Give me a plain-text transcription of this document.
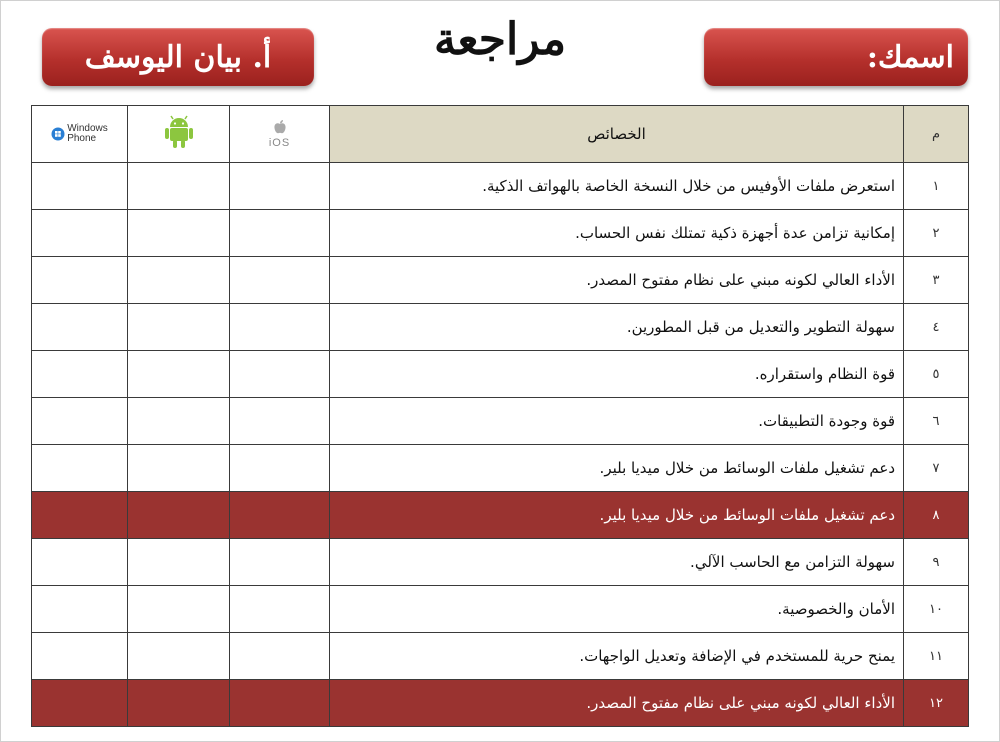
أ. بيان اليوسف	مراجعة	اسمك:
Windows
Phone		iOS	الخصائص	م
			استعرض ملفات الأوفيس من خلال النسخة الخاصة بالهواتف الذكية.	١
			إمكانية تزامن عدة أجهزة ذكية تمتلك نفس الحساب.	٢
			الأداء العالي لكونه مبني على نظام مفتوح المصدر.	٣
			سهولة التطوير والتعديل من قبل المطورين.	٤
			قوة النظام واستقراره.	٥
			قوة وجودة التطبيقات.	٦
			دعم تشغيل ملفات الوسائط من خلال ميديا بلير.	٧
			دعم تشغيل ملفات الوسائط من خلال ميديا بلير.	٨
			سهولة التزامن مع الحاسب الآلي.	٩
			الأمان والخصوصية.	١٠
			يمنح حرية للمستخدم في الإضافة وتعديل الواجهات.	١١
			الأداء العالي لكونه مبني على نظام مفتوح المصدر.	١٢
